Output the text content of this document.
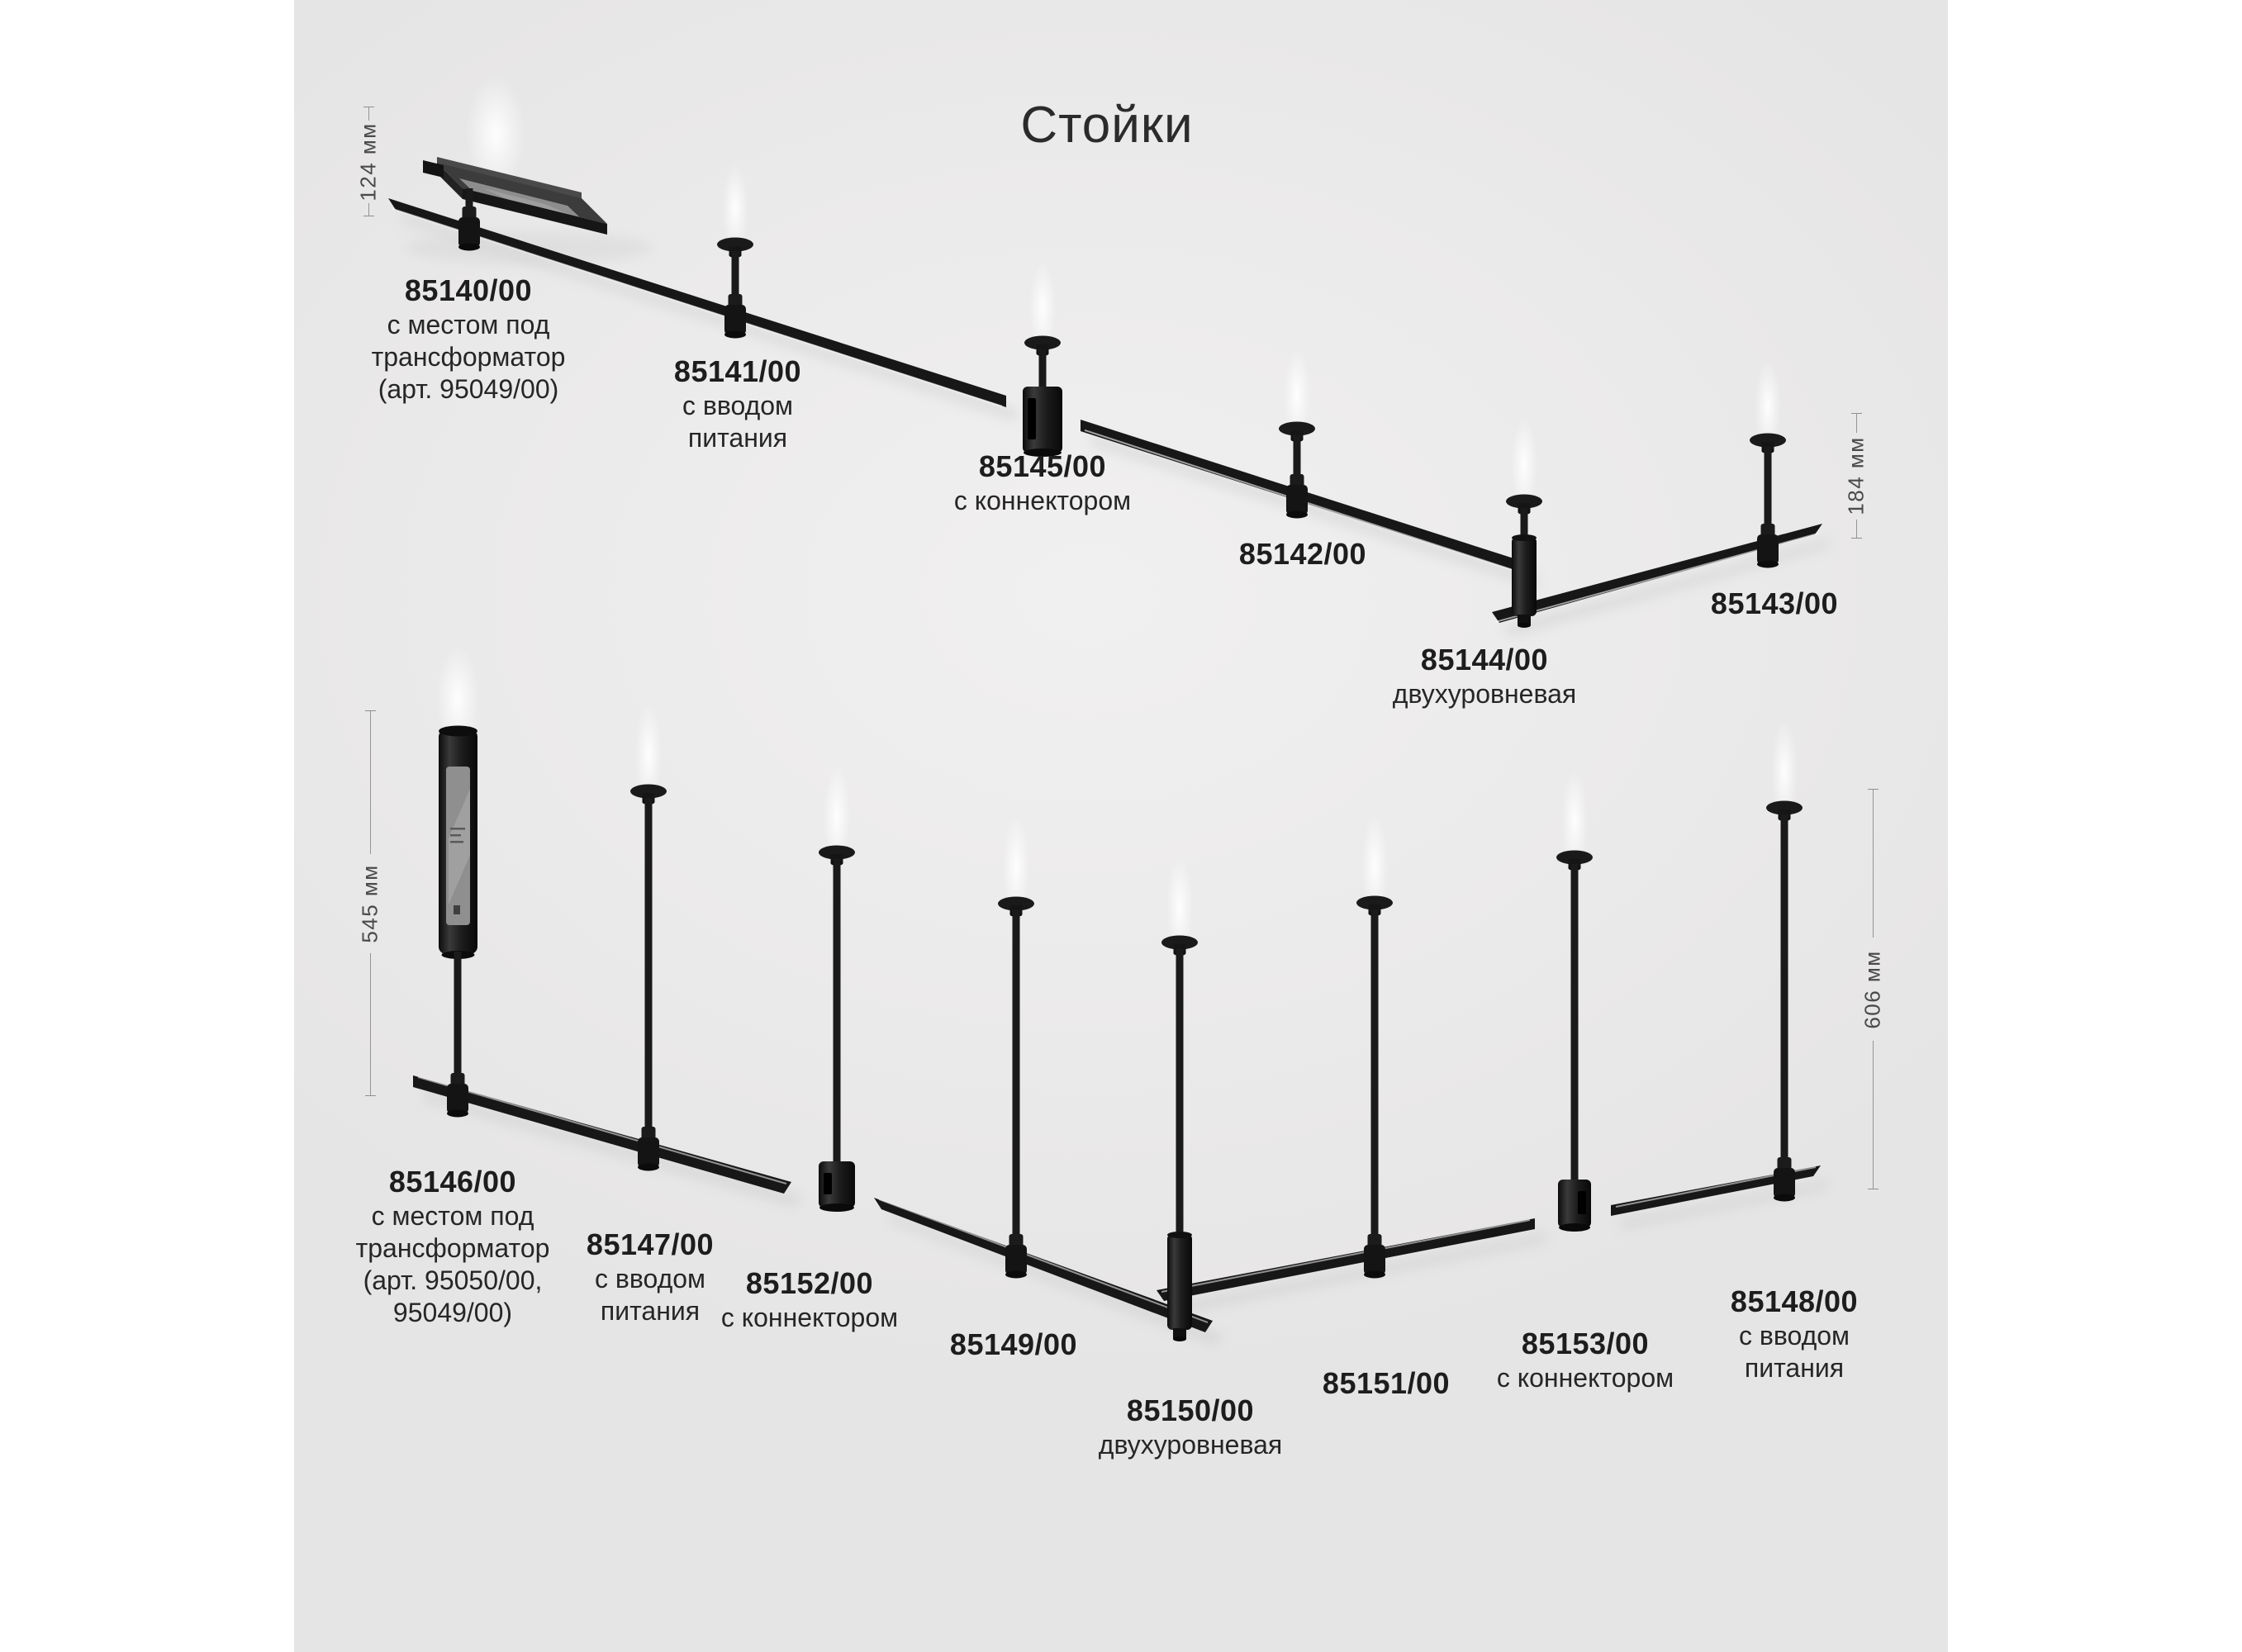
Стойки
85140/00
с местом под
трансформатор
(арт. 95049/00)
85141/00
с вводом
питания
85145/00
с коннектором
85142/00
85144/00
двухуровневая
85143/00
85146/00
с местом под
трансформатор
(арт. 95050/00,
95049/00)
85147/00
с вводом
питания
85152/00
с коннектором
85149/00
85150/00
двухуровневая
85151/00
85153/00
с коннектором
85148/00
с вводом
питания
124 мм
184 мм
545 мм
606 мм
